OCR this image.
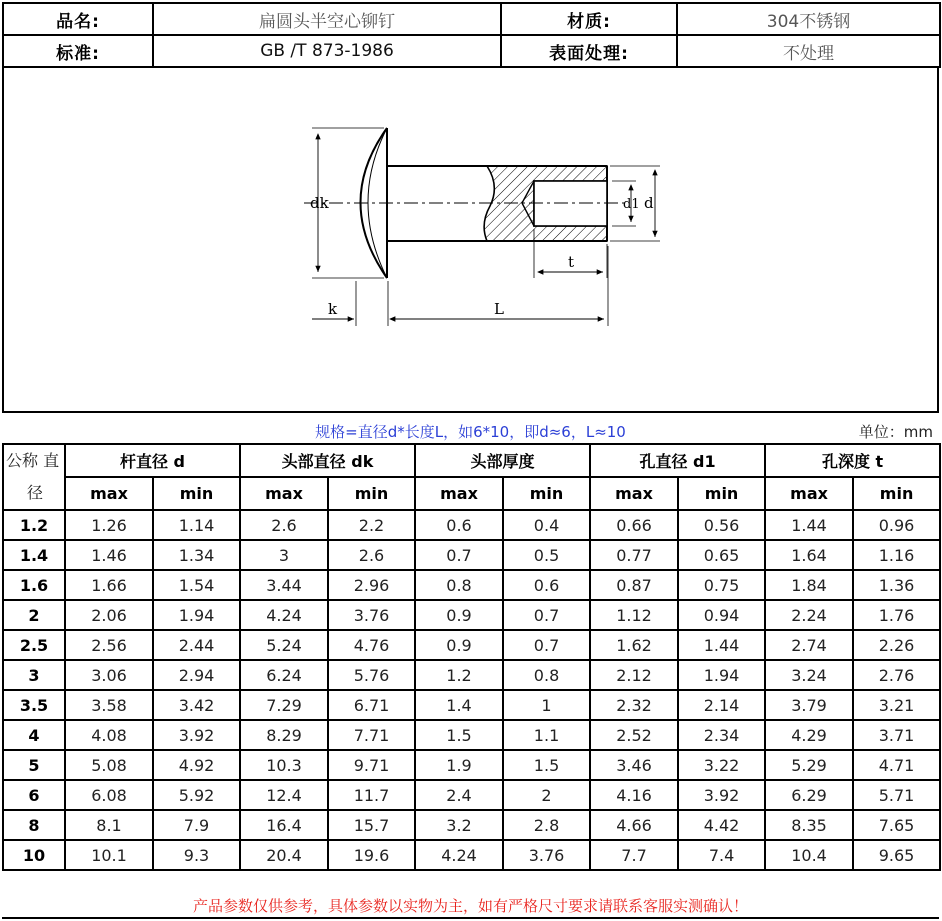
品名:	扁圆头半空心铆钉	材质:	304不锈钢
标准:	GB /T 873-1986	表面处理:	不处理
dk	d1 d
t
k	L
规格=直径d*长度L，如6*10，即d≈6，L≈10	单位：mm
公称 直	杆直径 d		头部直径 dk		头部厚度		孔直径 d1		孔深度 t	
径	max	min	max	min	max	min	max	min	max	min
1.2	1.26	1.14	2.6	2.2	0.6	0.4	0.66	0.56	1.44	0.96
1.4	1.46	1.34	3	2.6	0.7	0.5	0.77	0.65	1.64	1.16
1.6	1.66	1.54	3.44	2.96	0.8	0.6	0.87	0.75	1.84	1.36
2	2.06	1.94	4.24	3.76	0.9	0.7	1.12	0.94	2.24	1.76
2.5	2.56	2.44	5.24	4.76	0.9	0.7	1.62	1.44	2.74	2.26
3	3.06	2.94	6.24	5.76	1.2	0.8	2.12	1.94	3.24	2.76
3.5	3.58	3.42	7.29	6.71	1.4	1	2.32	2.14	3.79	3.21
4	4.08	3.92	8.29	7.71	1.5	1.1	2.52	2.34	4.29	3.71
5	5.08	4.92	10.3	9.71	1.9	1.5	3.46	3.22	5.29	4.71
6	6.08	5.92	12.4	11.7	2.4	2	4.16	3.92	6.29	5.71
8	8.1	7.9	16.4	15.7	3.2	2.8	4.66	4.42	8.35	7.65
10	10.1	9.3	20.4	19.6	4.24	3.76	7.7	7.4	10.4	9.65
产品参数仅供参考，具体参数以实物为主，如有严格尺寸要求请联系客服实测确认！
